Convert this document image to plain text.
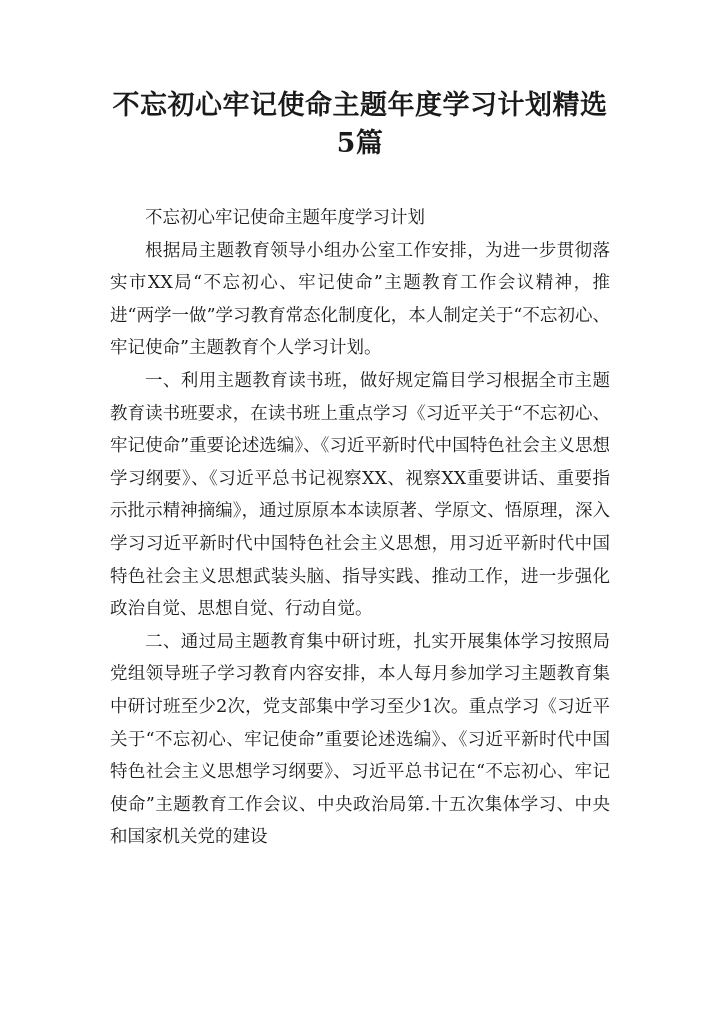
不忘初心牢记使命主题年度学习计划精选
5篇

不忘初心牢记使命主题年度学习计划

根据局主题教育领导小组办公室工作安排，为进一步贯彻落实市XX局“不忘初心、牢记使命”主题教育工作会议精神，推进“两学一做”学习教育常态化制度化，本人制定关于“不忘初心、牢记使命”主题教育个人学习计划。

一、利用主题教育读书班，做好规定篇目学习根据全市主题教育读书班要求，在读书班上重点学习《习近平关于“不忘初心、牢记使命”重要论述选编》、《习近平新时代中国特色社会主义思想学习纲要》、《习近平总书记视察XX、视察XX重要讲话、重要指示批示精神摘编》，通过原原本本读原著、学原文、悟原理，深入学习习近平新时代中国特色社会主义思想，用习近平新时代中国特色社会主义思想武装头脑、指导实践、推动工作，进一步强化政治自觉、思想自觉、行动自觉。

二、通过局主题教育集中研讨班，扎实开展集体学习按照局党组领导班子学习教育内容安排，本人每月参加学习主题教育集中研讨班至少2次，党支部集中学习至少1次。重点学习《习近平关于“不忘初心、牢记使命”重要论述选编》、《习近平新时代中国特色社会主义思想学习纲要》、习近平总书记在“不忘初心、牢记使命”主题教育工作会议、中央政治局第.十五次集体学习、中央和国家机关党的建设
